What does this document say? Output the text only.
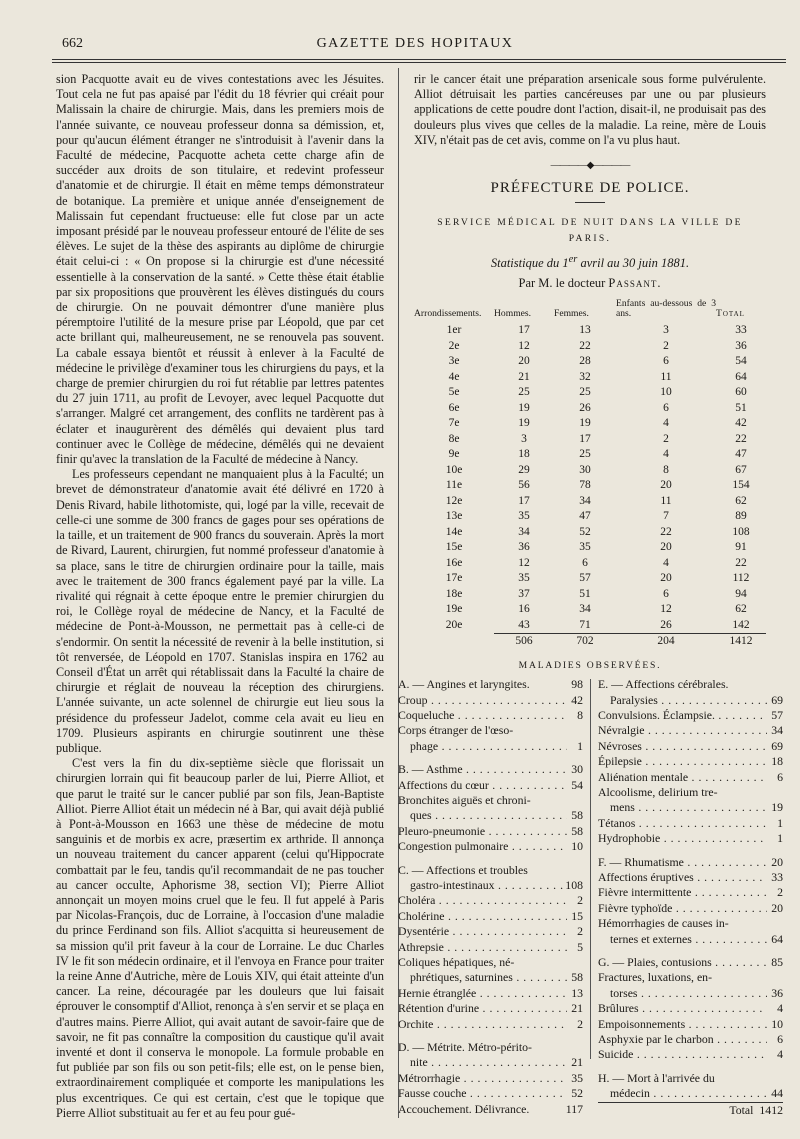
662	GAZETTE DES HOPITAUX

sion Pacquotte avait eu de vives contestations avec les Jésuites. Tout cela ne fut pas apaisé par l'édit du 18 février qui créait pour Malissain la chaire de chirurgie. Mais, dans les premiers mois de l'année suivante, ce nouveau professeur donna sa démission, et, pour qu'aucun élément étranger ne s'introduisit à l'avenir dans la Faculté de médecine, Pacquotte acheta cette charge afin de succéder aux droits de son titulaire, et redevint professeur d'anatomie et de chirurgie. Il était en même temps démonstrateur de botanique. La première et unique année d'enseignement de Malissain fut cependant fructueuse: elle fut close par un acte imposant présidé par le nouveau professeur entouré de l'élite de ses élèves. Le sujet de la thèse des aspirants au diplôme de chirurgie était celui-ci : « On propose si la chirurgie est d'une nécessité essentielle à la conservation de la santé. » Cette thèse était établie par six propositions que prouvèrent les élèves distingués du cours de chirurgie. On ne pouvait démontrer d'une manière plus péremptoire l'utilité de la mesure prise par Léopold, que par cet acte brillant qui, malheureusement, ne se renouvela pas souvent. La cabale essaya bientôt et réussit à enlever à la Faculté de médecine le privilège d'examiner tous les chirurgiens du pays, et la charge de premier chirurgien du roi fut rétablie par lettres patentes du 27 juin 1711, au profit de Levoyer, avec lequel Pacquotte dut s'arranger. Malgré cet arrangement, des conflits ne tardèrent pas à éclater et inaugurèrent des démêlés qui devaient plus tard continuer avec le Collège de médecine, démêlés qui ne devaient finir qu'avec la translation de la Faculté de médecine à Nancy.

Les professeurs cependant ne manquaient plus à la Faculté; un brevet de démonstrateur d'anatomie avait été délivré en 1720 à Denis Rivard, habile lithotomiste, qui, logé par la ville, recevait de celle-ci une somme de 300 francs de gages pour ses opérations de la taille, et un traitement de 900 francs du souverain. Après la mort de Rivard, Laurent, chirurgien, fut nommé professeur d'anatomie à sa place, sans le titre de chirurgien ordinaire pour la taille, mais avec le traitement de 300 francs également payé par la ville. La rivalité qui régnait à cette époque entre le premier chirurgien du roi, le Collège royal de médecine de Nancy, et la Faculté de médecine de Pont-à-Mousson, ne permettait pas à celle-ci de s'endormir. On sentit la nécessité de revenir à la belle institution, si tôt renversée, de Léopold en 1707. Stanislas inspira en 1762 au Conseil d'État un arrêt qui rétablissait dans la Faculté la chaire de chirurgie et réglait de nouveau la réception des chirurgiens. L'année suivante, un acte solennel de chirurgie eut lieu sous la présidence du professeur Jadelot, comme cela avait eu lieu en 1709. Plusieurs aspirants en chirurgie soutinrent une thèse publique.

C'est vers la fin du dix-septième siècle que florissait un chirurgien lorrain qui fit beaucoup parler de lui, Pierre Alliot, et que parut le traité sur le cancer publié par son fils, Jean-Baptiste Alliot. Pierre Alliot était un médecin né à Bar, qui avait déjà publié à Pont-à-Mousson en 1663 une thèse de médecine de motu sanguinis et de morbis ex acre, præsertim ex arthride. Il annonça un nouveau traitement du cancer apparent (celui qu'Hippocrate combattait par le feu, tandis qu'il recommandait de ne pas toucher au cancer occulte, Aphorisme 38, section VI); Pierre Alliot annonçait un moyen moins cruel que le feu. Il fut appelé à Paris par Nicolas-François, duc de Lorraine, à l'occasion d'une maladie du prince Ferdinand son fils. Alliot s'acquitta si heureusement de sa mission qu'il prit faveur à la cour de Lorraine. Le duc Charles IV le fit son médecin ordinaire, et il l'envoya en France pour traiter la reine Anne d'Autriche, mère de Louis XIV, qui était atteinte d'un cancer. La reine, découragée par les douleurs que lui faisait éprouver le consomptif d'Alliot, renonça à s'en servir et se plaça en d'autres mains. Pierre Alliot, qui avait autant de savoir-faire que de savoir, ne fit pas connaître la composition du caustique qu'il avait inventé et dont il conserva le monopole. La formule probable en fut publiée par son fils ou son petit-fils; elle est, on le pense bien, extraordinairement compliquée et comporte les manipulations les plus excentriques. Ce qui est certain, c'est que le topique que Pierre Alliot substituait au fer et au feu pour gué-

rir le cancer était une préparation arsenicale sous forme pulvérulente. Alliot détruisait les parties cancéreuses par une ou par plusieurs applications de cette poudre dont l'action, disait-il, ne produisait pas des douleurs plus vives que celles de la maladie. La reine, mère de Louis XIV, n'était pas de cet avis, comme on l'a vu plus haut.

————◆————
PRÉFECTURE DE POLICE.
SERVICE MÉDICAL DE NUIT DANS LA VILLE DE PARIS.
Statistique du 1er avril au 30 juin 1881.
Par M. le docteur Passant.
Arrondissements.	Hommes.	Femmes.	Enfants au-dessous de 3 ans.	Total
1er	17	13	3	33
2e	12	22	2	36
3e	20	28	6	54
4e	21	32	11	64
5e	25	25	10	60
6e	19	26	6	51
7e	19	19	4	42
8e	3	17	2	22
9e	18	25	4	47
10e	29	30	8	67
11e	56	78	20	154
12e	17	34	11	62
13e	35	47	7	89
14e	34	52	22	108
15e	36	35	20	91
16e	12	6	4	22
17e	35	57	20	112
18e	37	51	6	94
19e	16	34	12	62
20e	43	71	26	142
	506	702	204	1412
MALADIES OBSERVÉES.
A. — Angines et laryngites.	98
Croup . . .	42
Coqueluche . . .	8
Corps étranger de l'œso-
phage . . .	1
B. — Asthme . . .	30
Affections du cœur . . .	54
Bronchites aiguës et chroni-
ques . . .	58
Pleuro-pneumonie . . .	58
Congestion pulmonaire . . .	10
C. — Affections et troubles
gastro-intestinaux . . .	108
Choléra . . .	2
Cholérine . . .	15
Dysentérie . . .	2
Athrepsie . . .	5
Coliques hépatiques, né-
phrétiques, saturnines . . .	58
Hernie étranglée . . .	13
Rétention d'urine . . .	21
Orchite . . .	2
D. — Métrite. Métro-périto-
nite . . .	21
Métrorrhagie . . .	35
Fausse couche . . .	52
Accouchement. Délivrance.	117
E. — Affections cérébrales.
Paralysies . . .	69
Convulsions. Éclampsie. . . .	57
Névralgie . . .	34
Névroses . . .	69
Épilepsie . . .	18
Aliénation mentale . . .	6
Alcoolisme, delirium tre-
mens . . .	19
Tétanos . . .	1
Hydrophobie . . .	1
F. — Rhumatisme . . .	20
Affections éruptives . . .	33
Fièvre intermittente . . .	2
Fièvre typhoïde . . .	20
Hémorrhagies de causes in-
ternes et externes . . .	64
G. — Plaies, contusions . . .	85
Fractures, luxations, en-
torses . . .	36
Brûlures . . .	4
Empoisonnements . . .	10
Asphyxie par le charbon . . .	6
Suicide . . .	4
H. — Mort à l'arrivée du
médecin . . .	44
Total 1412
